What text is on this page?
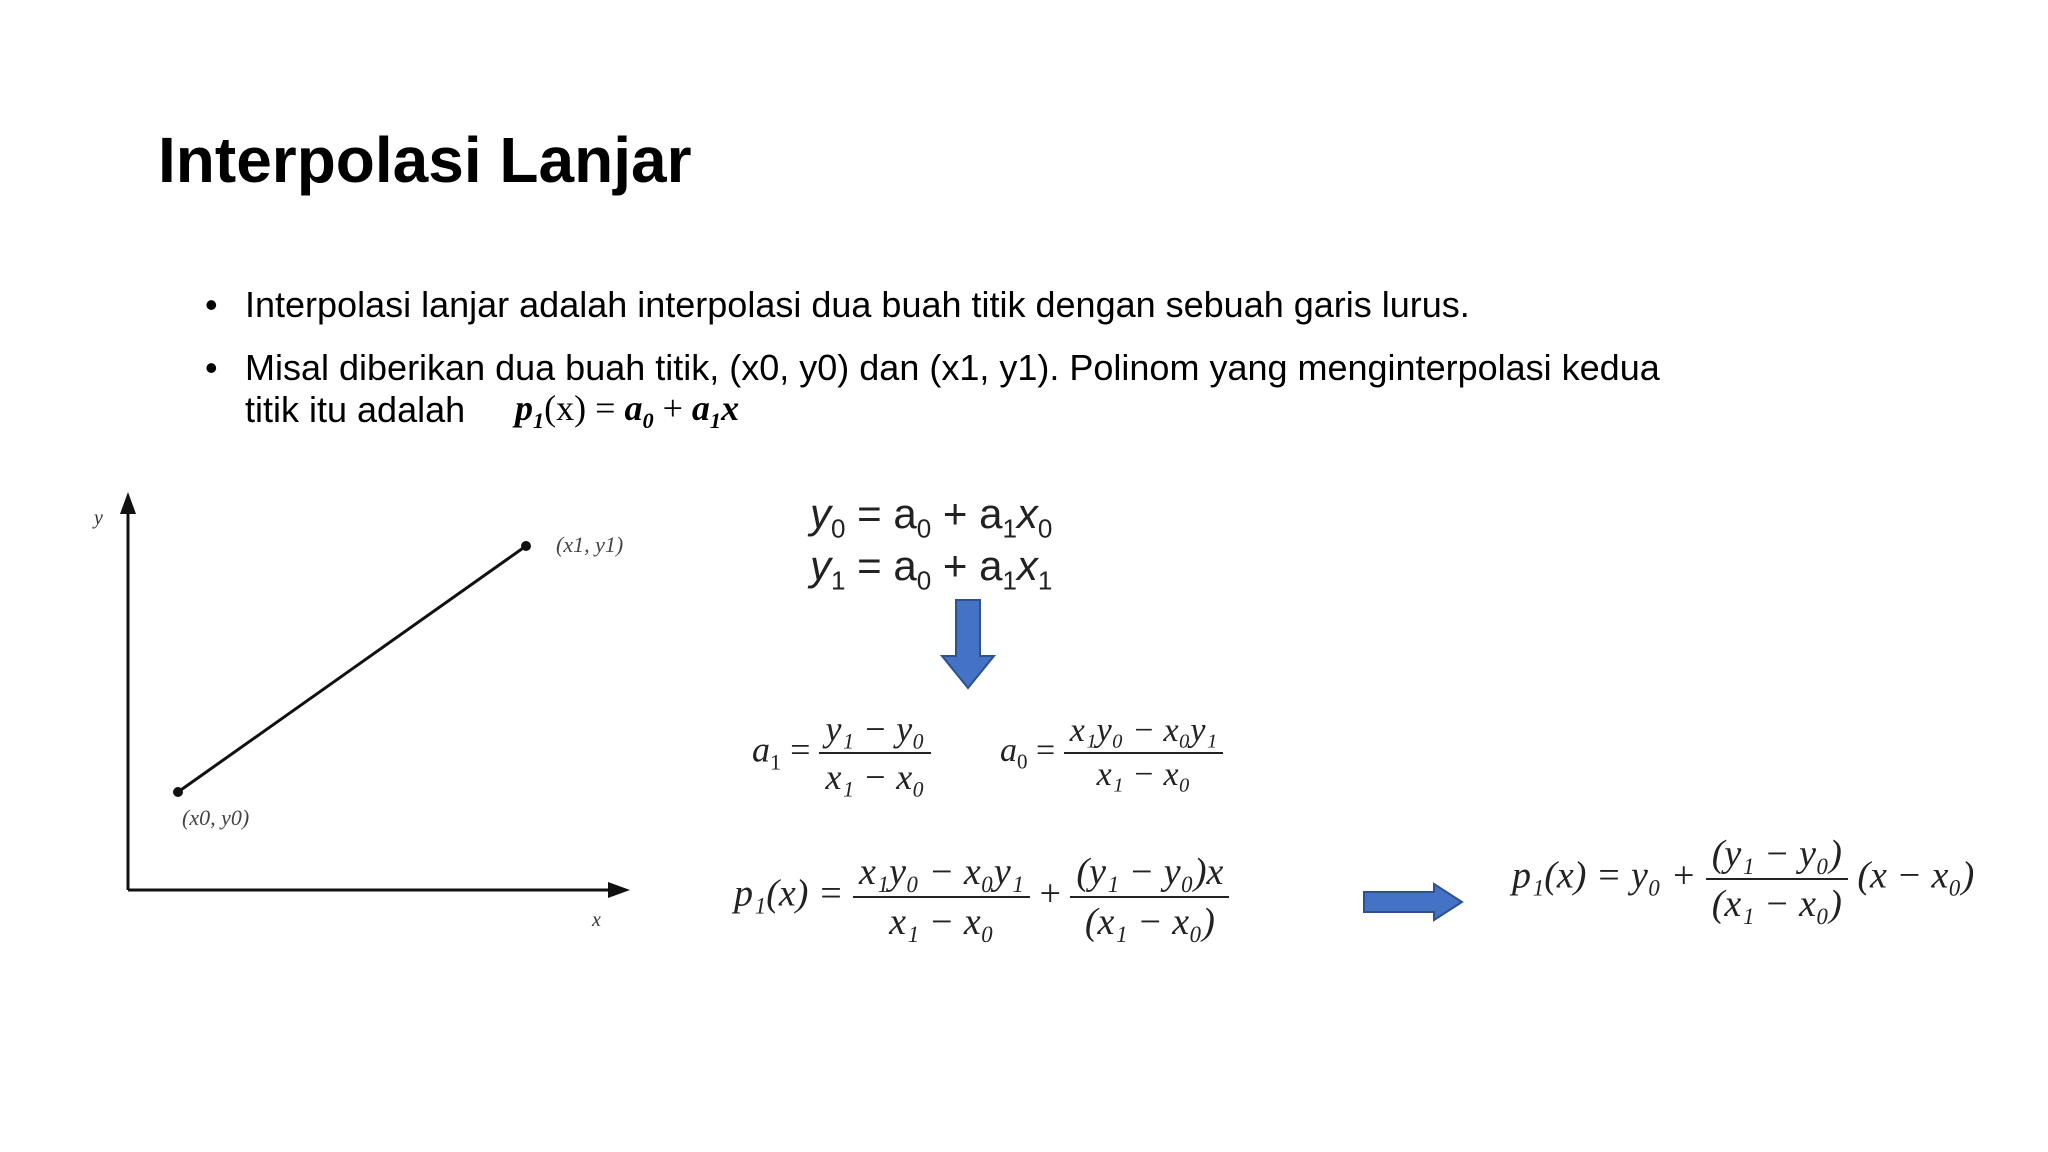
Interpolasi Lanjar
• Interpolasi lanjar adalah interpolasi dua buah titik dengan sebuah garis lurus.
• Misal diberikan dua buah titik, (x0, y0) dan (x1, y1). Polinom yang menginterpolasi kedua
titik itu adalah $p_1(x) = a_0 + a_1x$
y
x
(x0, y0)
(x1, y1)
$y_0 = a_0 + a_1x_0$
$y_1 = a_0 + a_1x_1$
$a_1 = \frac{\text{y₁ − y₀}}{\text{x₁ − x₀}} a_0 = \frac{\text{x₁y₀ − x₀y₁}}{\text{x₁ − x₀}}$
$p_1(x) = \frac{\text{x₁y₀ − x₀y₁}}{\text{x₁ − x₀}} + \frac{\text{(y₁ − y₀)x}}{\text{(x₁ − x₀)}}$	$p_1(x) = y_0 + \frac{\text{(y₁ − y₀)}}{\text{(x₁ − x₀)}} (x - x_0)$
